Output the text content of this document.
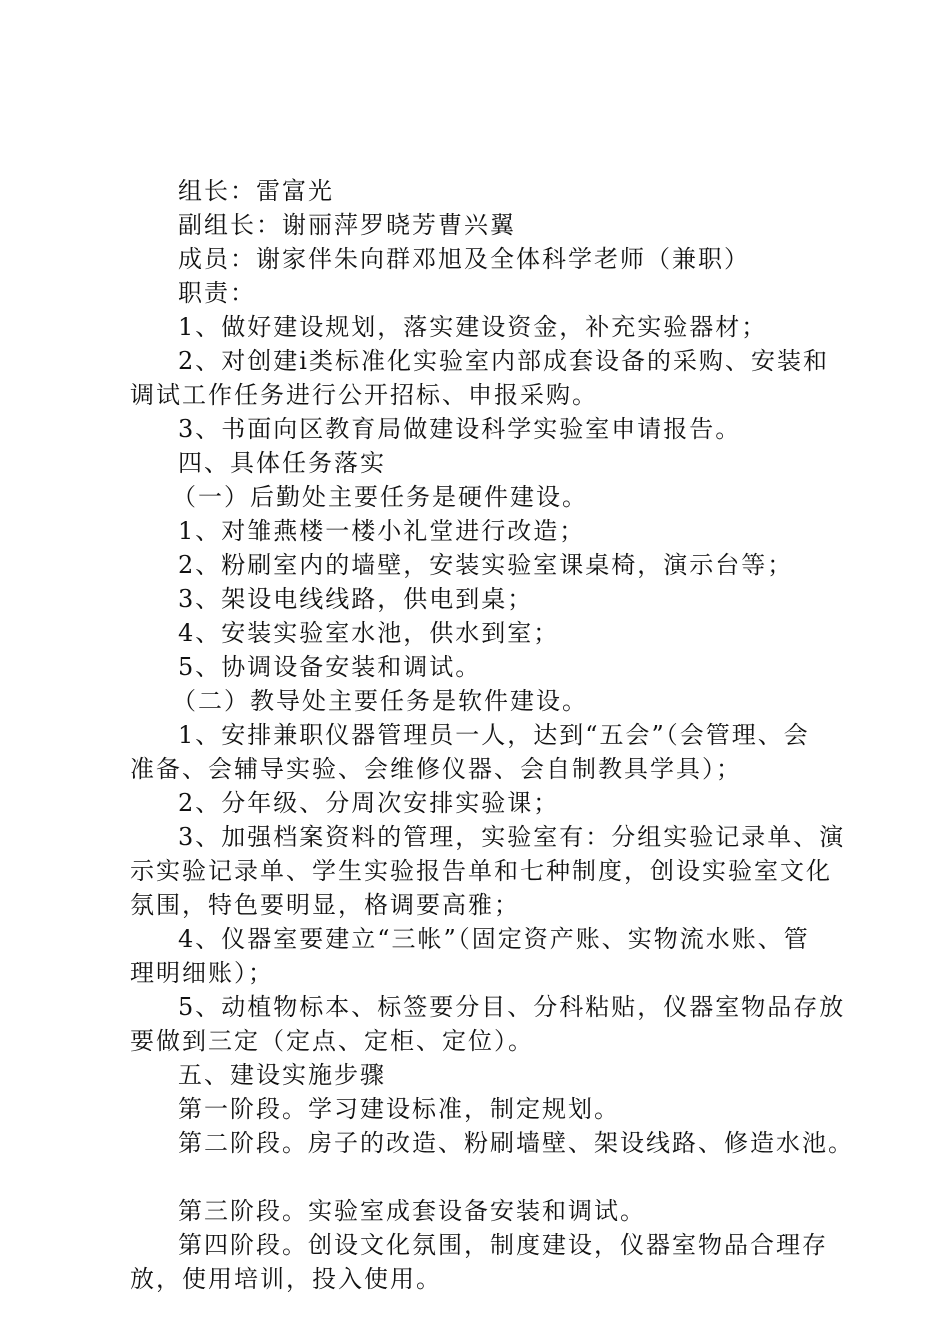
组长：雷富光
副组长：谢丽萍罗晓芳曹兴翼
成员：谢家伴朱向群邓旭及全体科学老师（兼职）
职责：
1、做好建设规划，落实建设资金，补充实验器材；
2、对创建ⅰ类标准化实验室内部成套设备的采购、安装和
调试工作任务进行公开招标、申报采购。
3、书面向区教育局做建设科学实验室申请报告。
四、具体任务落实
（一）后勤处主要任务是硬件建设。
1、对雏燕楼一楼小礼堂进行改造；
2、粉刷室内的墙壁，安装实验室课桌椅，演示台等；
3、架设电线线路，供电到桌；
4、安装实验室水池，供水到室；
5、协调设备安装和调试。
（二）教导处主要任务是软件建设。
1、安排兼职仪器管理员一人，达到“五会”（会管理、会
准备、会辅导实验、会维修仪器、会自制教具学具）；
2、分年级、分周次安排实验课；
3、加强档案资料的管理，实验室有：分组实验记录单、演
示实验记录单、学生实验报告单和七种制度，创设实验室文化
氛围，特色要明显，格调要高雅；
4、仪器室要建立“三帐”（固定资产账、实物流水账、管
理明细账）；
5、动植物标本、标签要分目、分科粘贴，仪器室物品存放
要做到三定（定点、定柜、定位）。
五、建设实施步骤
第一阶段。学习建设标准，制定规划。
第二阶段。房子的改造、粉刷墙壁、架设线路、修造水池。
第三阶段。实验室成套设备安装和调试。
第四阶段。创设文化氛围，制度建设，仪器室物品合理存
放，使用培训，投入使用。
